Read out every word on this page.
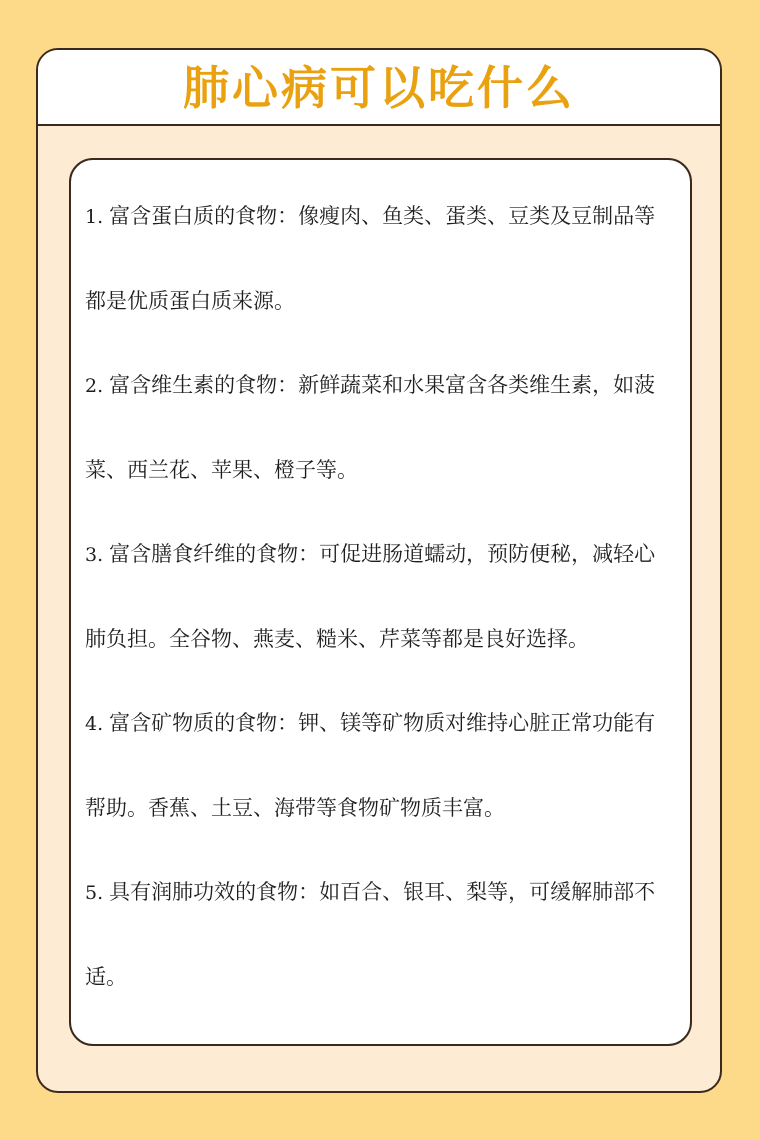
肺心病可以吃什么

1. 富含蛋白质的食物：像瘦肉、鱼类、蛋类、豆类及豆制品等都是优质蛋白质来源。

2. 富含维生素的食物：新鲜蔬菜和水果富含各类维生素，如菠菜、西兰花、苹果、橙子等。

3. 富含膳食纤维的食物：可促进肠道蠕动，预防便秘，减轻心肺负担。全谷物、燕麦、糙米、芹菜等都是良好选择。

4. 富含矿物质的食物：钾、镁等矿物质对维持心脏正常功能有帮助。香蕉、土豆、海带等食物矿物质丰富。

5. 具有润肺功效的食物：如百合、银耳、梨等，可缓解肺部不适。
